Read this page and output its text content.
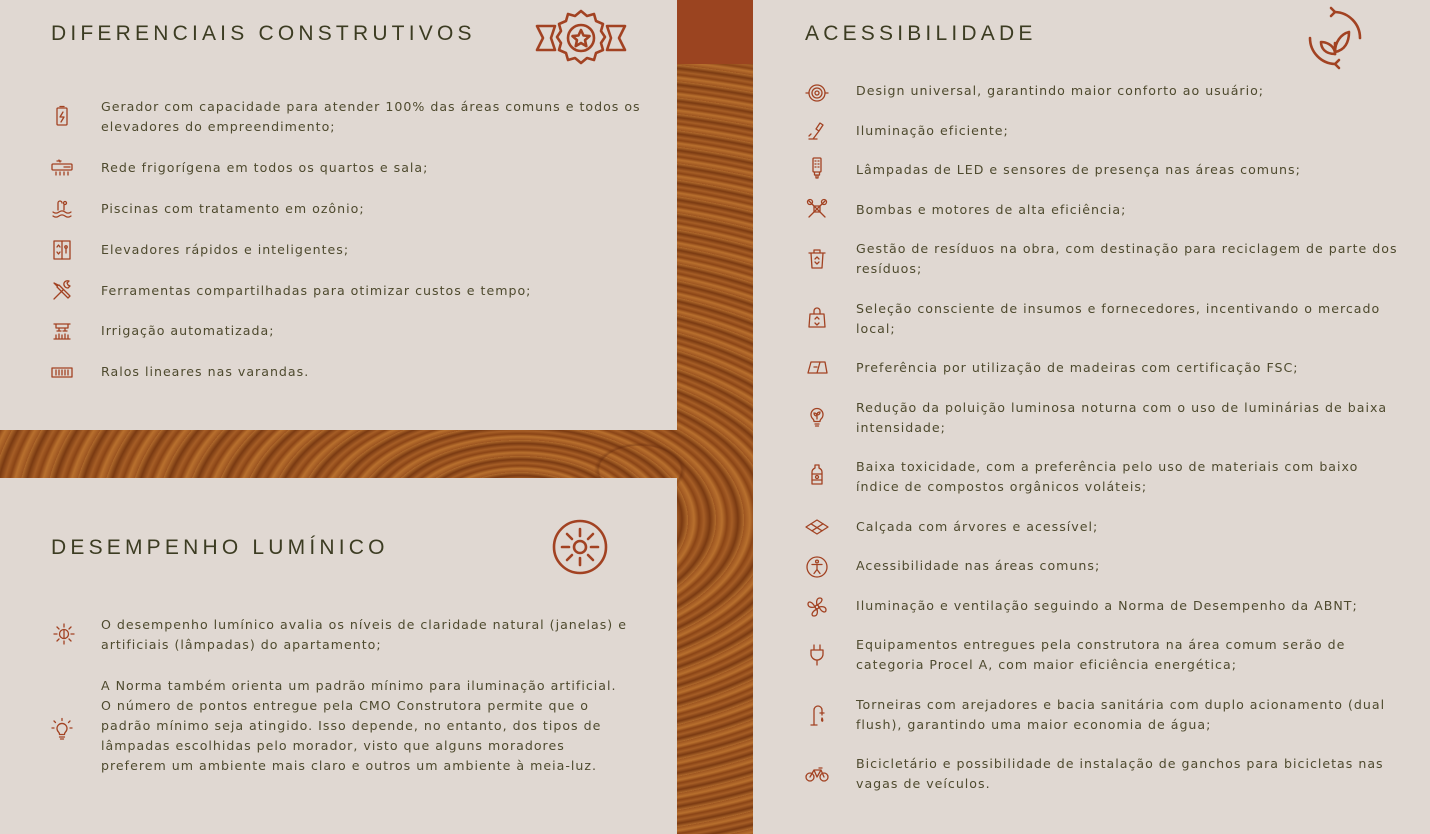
DIFERENCIAIS CONSTRUTIVOS

Gerador com capacidade para atender 100% das áreas comuns e todos os elevadores do empreendimento;

Rede frigorígena em todos os quartos e sala;

Piscinas com tratamento em ozônio;

Elevadores rápidos e inteligentes;

Ferramentas compartilhadas para otimizar custos e tempo;

Irrigação automatizada;

Ralos lineares nas varandas.

DESEMPENHO LUMÍNICO

O desempenho lumínico avalia os níveis de claridade natural (janelas) e artificiais (lâmpadas) do apartamento;

A Norma também orienta um padrão mínimo para iluminação artificial. O número de pontos entregue pela CMO Construtora permite que o padrão mínimo seja atingido. Isso depende, no entanto, dos tipos de lâmpadas escolhidas pelo morador, visto que alguns moradores preferem um ambiente mais claro e outros um ambiente à meia-luz.

ACESSIBILIDADE

Design universal, garantindo maior conforto ao usuário;

Iluminação eficiente;

Lâmpadas de LED e sensores de presença nas áreas comuns;

Bombas e motores de alta eficiência;

Gestão de resíduos na obra, com destinação para reciclagem de parte dos resíduos;

Seleção consciente de insumos e fornecedores, incentivando o mercado local;

Preferência por utilização de madeiras com certificação FSC;

Redução da poluição luminosa noturna com o uso de luminárias de baixa intensidade;

Baixa toxicidade, com a preferência pelo uso de materiais com baixo índice de compostos orgânicos voláteis;

Calçada com árvores e acessível;

Acessibilidade nas áreas comuns;

Iluminação e ventilação seguindo a Norma de Desempenho da ABNT;

Equipamentos entregues pela construtora na área comum serão de categoria Procel A, com maior eficiência energética;

Torneiras com arejadores e bacia sanitária com duplo acionamento (dual flush), garantindo uma maior economia de água;

Bicicletário e possibilidade de instalação de ganchos para bicicletas nas vagas de veículos.
